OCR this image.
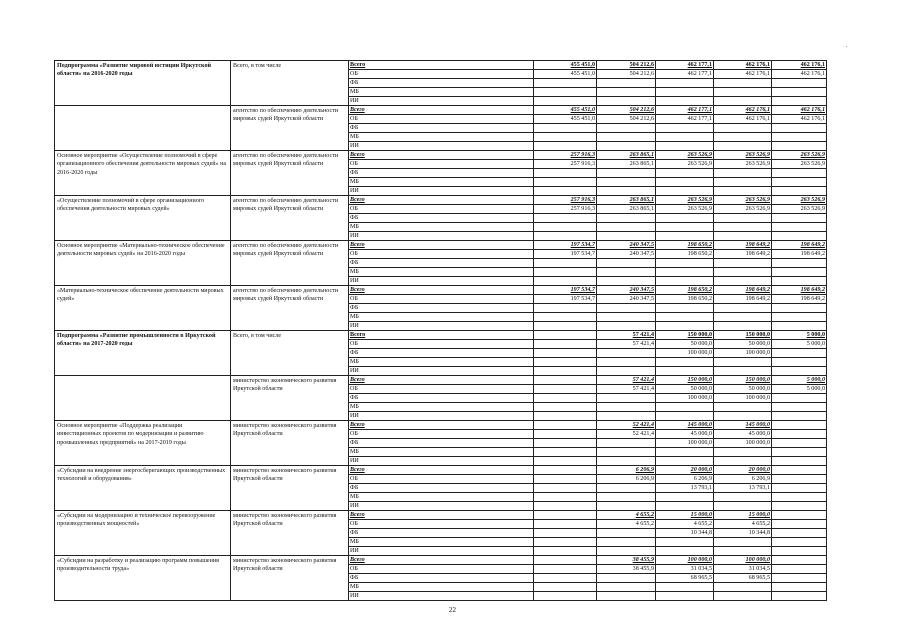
Подпрограмма «Развитие мировой юстиции Иркутской области» на 2016-2020 годы	Всего, в том числе	Всего	455 451,0	504 212,6	462 177,1	462 176,1	462 176,1
		ОБ	455 451,0	504 212,6	462 177,1	462 176,1	462 176,1
		ФБ					
		МБ					
		ИИ					
	агентство по обеспечению деятельности мировых судей Иркутской области	Всего	455 451,0	504 212,6	462 177,1	462 176,1	462 176,1
		ОБ	455 451,0	504 212,6	462 177,1	462 176,1	462 176,1
		ФБ					
		МБ					
		ИИ					
Основное мероприятие «Осуществление полномочий в сфере организационного обеспечения деятельности мировых судей» на 2016-2020 годы	агентство по обеспечению деятельности мировых судей Иркутской области	Всего	257 916,3	263 865,1	263 526,9	263 526,9	263 526,9
		ОБ	257 916,3	263 865,1	263 526,9	263 526,9	263 526,9
		ФБ					
		МБ					
		ИИ					
«Осуществление полномочий в сфере организационного обеспечения деятельности мировых судей»	агентство по обеспечению деятельности мировых судей Иркутской области	Всего	257 916,3	263 865,1	263 526,9	263 526,9	263 526,9
		ОБ	257 916,3	263 865,1	263 526,9	263 526,9	263 526,9
		ФБ					
		МБ					
		ИИ					
Основное мероприятие «Материально-техническое обеспечение деятельности мировых судей» на 2016-2020 годы	агентство по обеспечению деятельности мировых судей Иркутской области	Всего	197 534,7	240 347,5	198 650,2	198 649,2	198 649,2
		ОБ	197 534,7	240 347,5	198 650,2	198 649,2	198 649,2
		ФБ					
		МБ					
		ИИ					
«Материально-техническое обеспечение деятельности мировых судей»	агентство по обеспечению деятельности мировых судей Иркутской области	Всего	197 534,7	240 347,5	198 650,2	198 649,2	198 649,2
		ОБ	197 534,7	240 347,5	198 650,2	198 649,2	198 649,2
		ФБ					
		МБ					
		ИИ					
Подпрограмма «Развитие промышленности в Иркутской области» на 2017-2020 годы	Всего, в том числе	Всего		57 421,4	150 000,0	150 000,0	5 000,0
		ОБ		57 421,4	50 000,0	50 000,0	5 000,0
		ФБ			100 000,0	100 000,0	
		МБ					
		ИИ					
	министерство экономического развития Иркутской области	Всего		57 421,4	150 000,0	150 000,0	5 000,0
		ОБ		57 421,4	50 000,0	50 000,0	5 000,0
		ФБ			100 000,0	100 000,0	
		МБ					
		ИИ					
Основное мероприятие «Поддержка реализации инвестиционных проектов по модернизации и развитию промышленных предприятий» на 2017-2019 годы	министерство экономического развития Иркутской области	Всего		52 421,4	145 000,0	145 000,0	
		ОБ		52 421,4	45 000,0	45 000,0	
		ФБ			100 000,0	100 000,0	
		МБ					
		ИИ					
«Субсидии на внедрение энергосберегающих производственных технологий и оборудования»	министерство экономического развития Иркутской области	Всего		6 206,9	20 000,0	20 000,0	
		ОБ		6 206,9	6 206,9	6 206,9	
		ФБ			13 793,1	13 793,1	
		МБ					
		ИИ					
«Субсидии на модернизацию и техническое перевооружение производственных мощностей»	министерство экономического развития Иркутской области	Всего		4 655,2	15 000,0	15 000,0	
		ОБ		4 655,2	4 655,2	4 655,2	
		ФБ			10 344,8	10 344,8	
		МБ					
		ИИ					
«Субсидии на разработку и реализацию программ повышения производительности труда»	министерство экономического развития Иркутской области	Всего		38 455,9	100 000,0	100 000,0	
		ОБ		38 455,9	31 034,5	31 034,5	
		ФБ			68 965,5	68 965,5	
		МБ					
		ИИ					
22
